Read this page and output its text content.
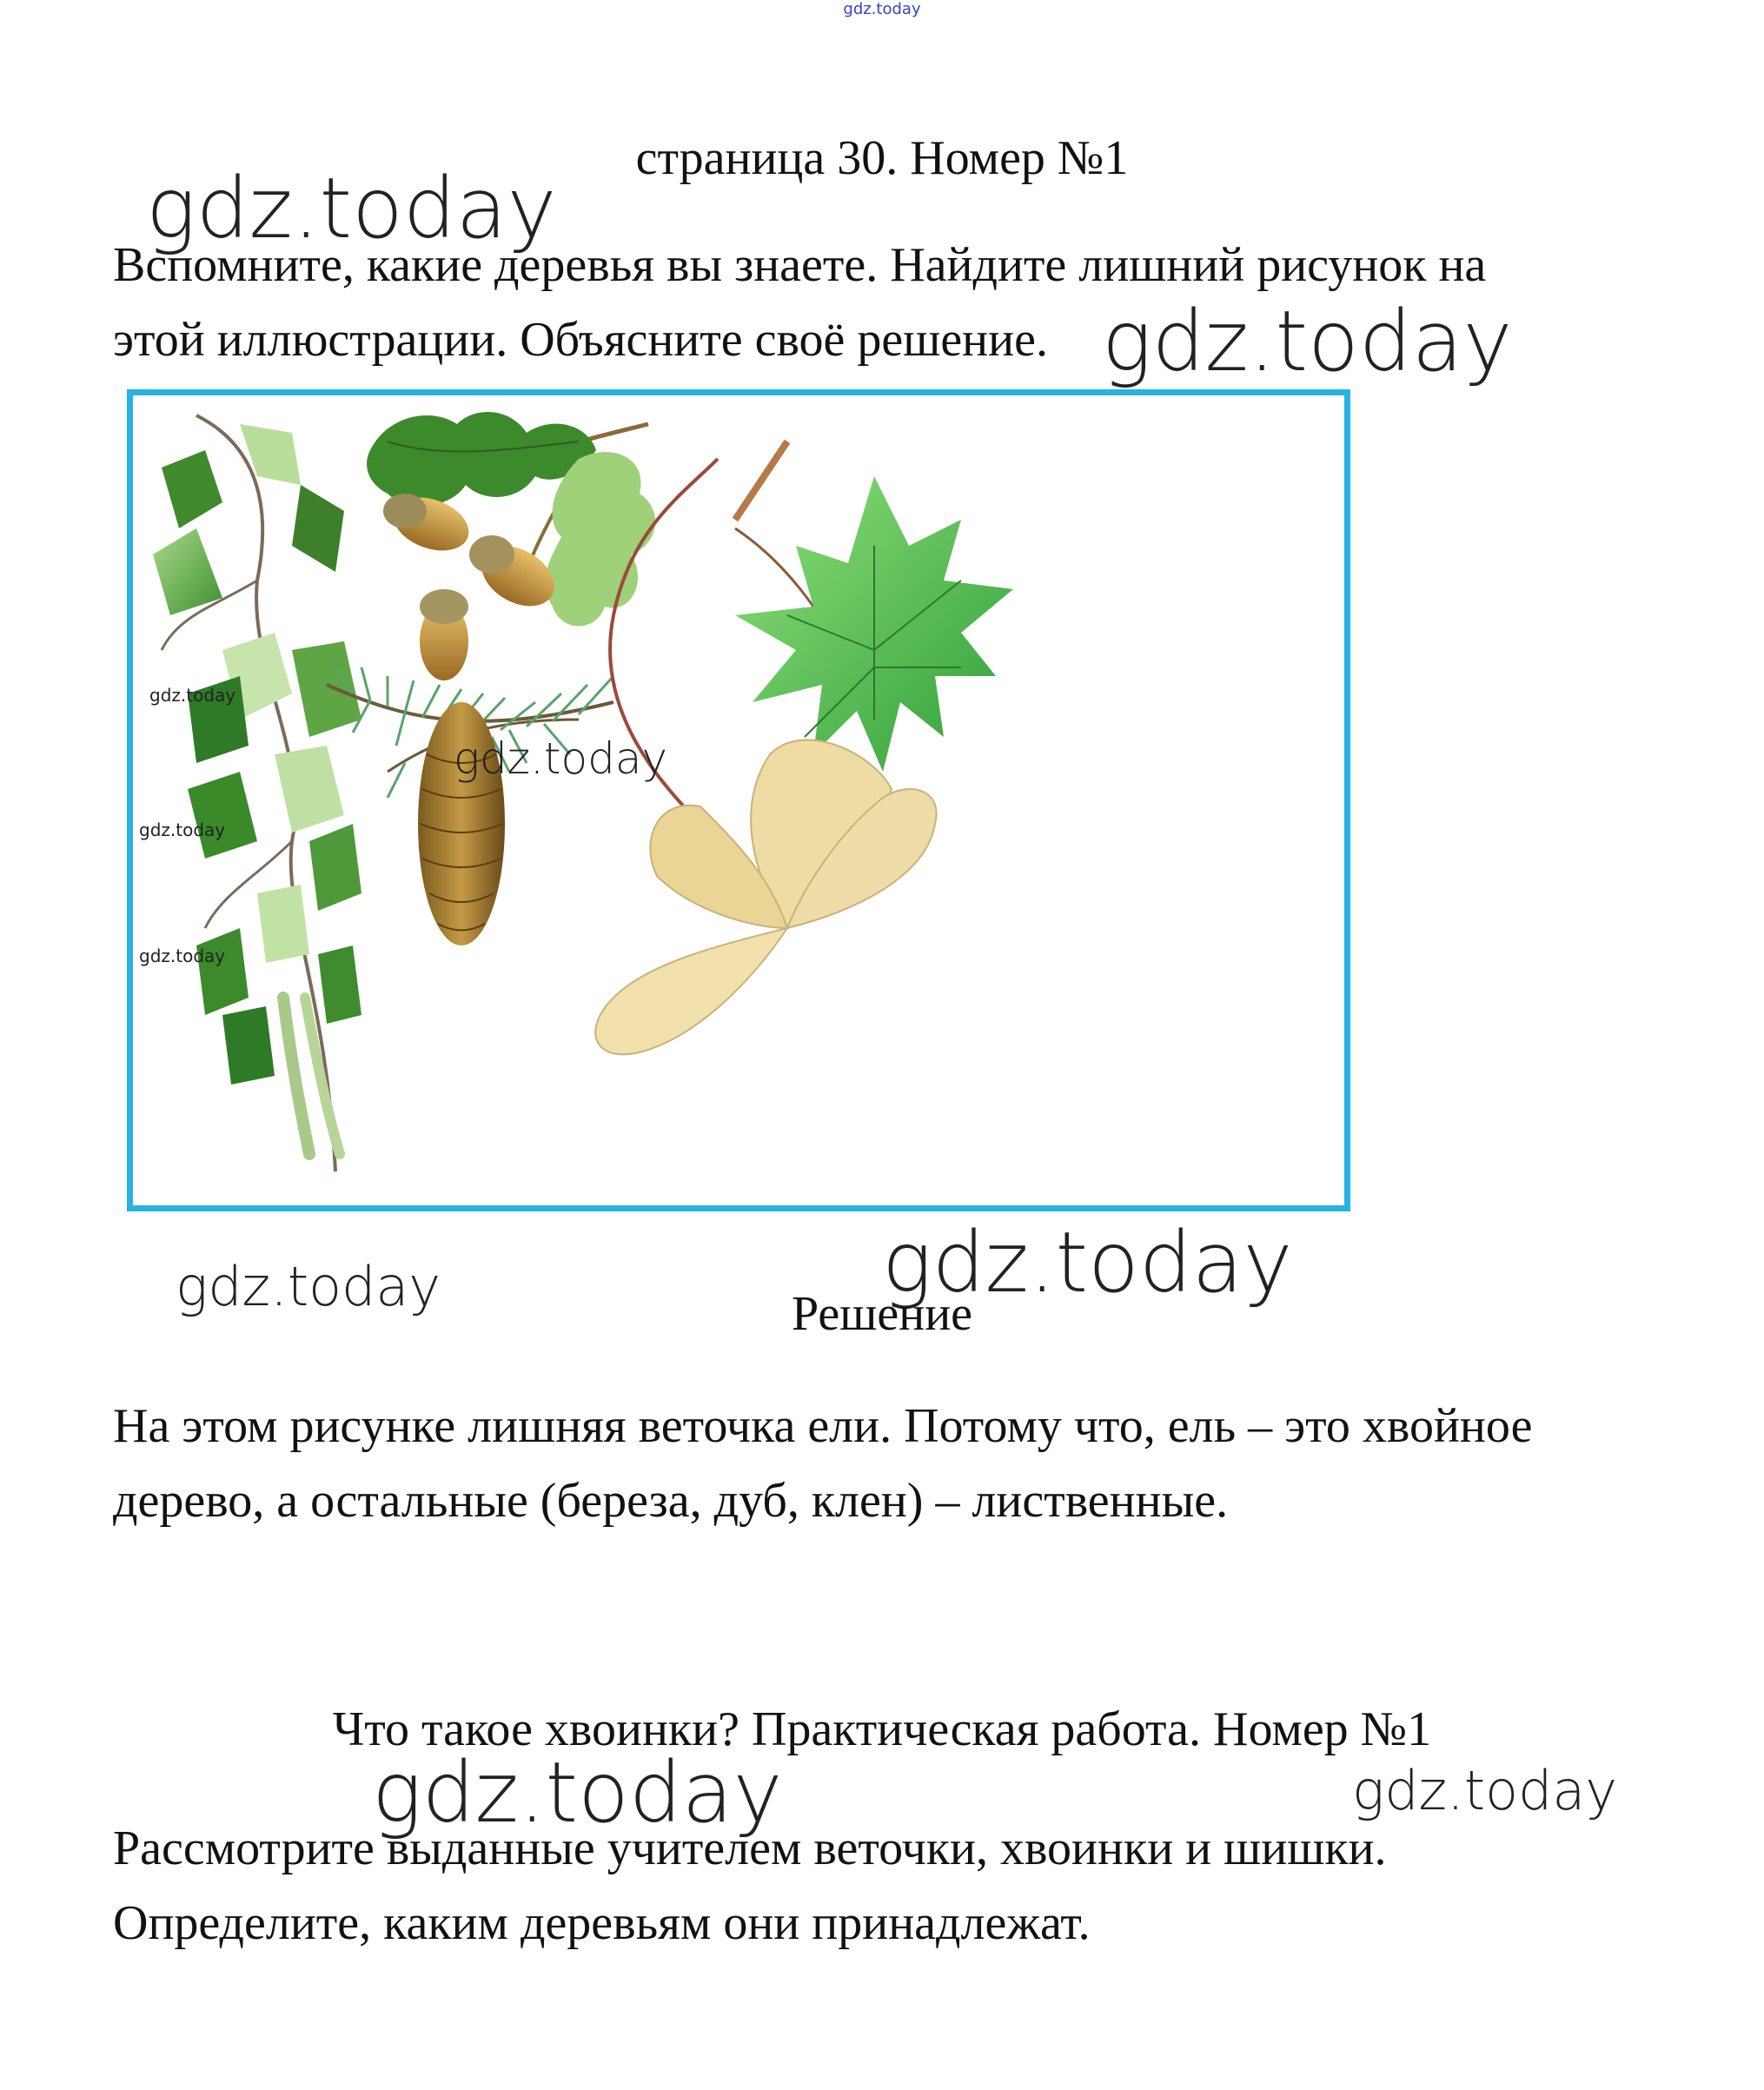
gdz.today
страница 30. Номер №1
gdz.today
Вспомните, какие деревья вы знаете. Найдите лишний рисунок на
этой иллюстрации. Объясните своё решение. gdz.today
gdz.today
gdz.today
gdz.today
gdz.today
gdz.today	gdz.today
Решение
На этом рисунке лишняя веточка ели. Потому что, ель – это хвойное
дерево, а остальные (береза, дуб, клен) – лиственные.
Что такое хвоинки? Практическая работа. Номер №1
gdz.today	gdz.today
Рассмотрите выданные учителем веточки, хвоинки и шишки.
Определите, каким деревьям они принадлежат.
